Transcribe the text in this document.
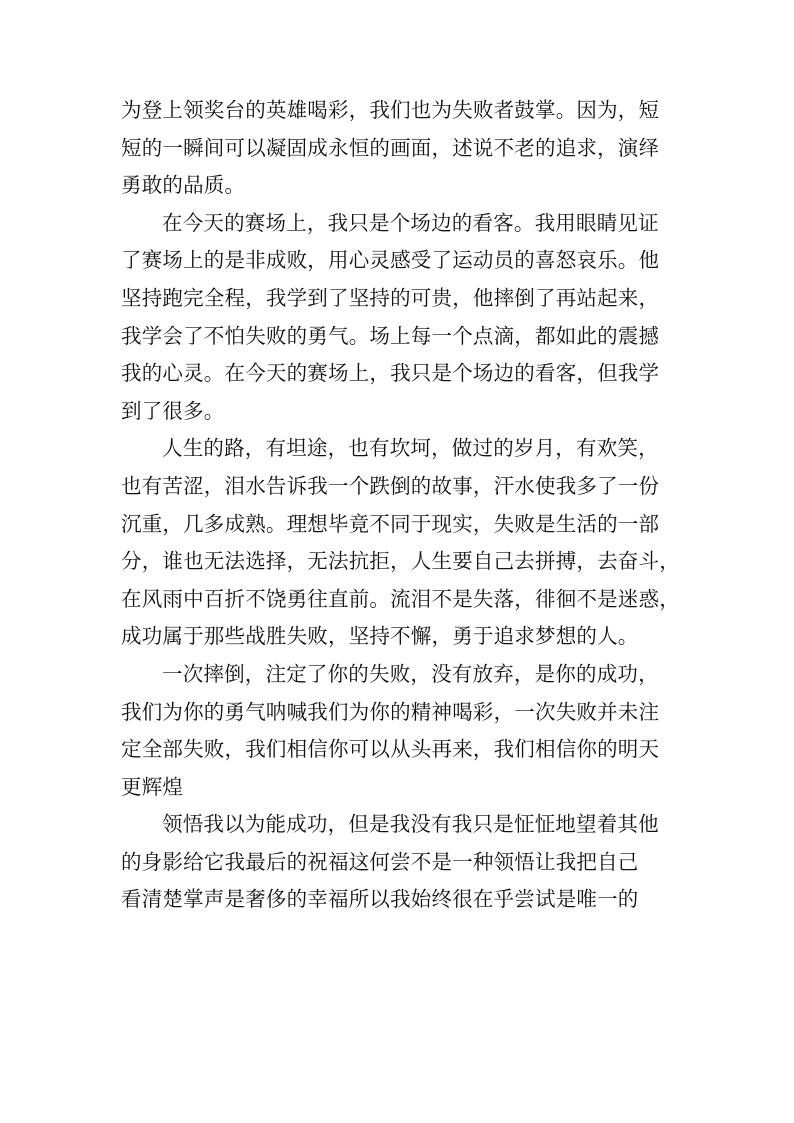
为登上领奖台的英雄喝彩，我们也为失败者鼓掌。因为，短
短的一瞬间可以凝固成永恒的画面，述说不老的追求，演绎
勇敢的品质。
在今天的赛场上，我只是个场边的看客。我用眼睛见证
了赛场上的是非成败，用心灵感受了运动员的喜怒哀乐。他
坚持跑完全程，我学到了坚持的可贵，他摔倒了再站起来，
我学会了不怕失败的勇气。场上每一个点滴，都如此的震撼
我的心灵。在今天的赛场上，我只是个场边的看客，但我学
到了很多。
人生的路，有坦途，也有坎坷，做过的岁月，有欢笑，
也有苦涩，泪水告诉我一个跌倒的故事，汗水使我多了一份
沉重，几多成熟。理想毕竟不同于现实，失败是生活的一部
分，谁也无法选择，无法抗拒，人生要自己去拼搏，去奋斗，
在风雨中百折不饶勇往直前。流泪不是失落，徘徊不是迷惑，
成功属于那些战胜失败，坚持不懈，勇于追求梦想的人。
一次摔倒，注定了你的失败，没有放弃，是你的成功，
我们为你的勇气呐喊我们为你的精神喝彩，一次失败并未注
定全部失败，我们相信你可以从头再来，我们相信你的明天
更辉煌
领悟我以为能成功，但是我没有我只是怔怔地望着其他
的身影给它我最后的祝福这何尝不是一种领悟让我把自己
看清楚掌声是奢侈的幸福所以我始终很在乎尝试是唯一的
